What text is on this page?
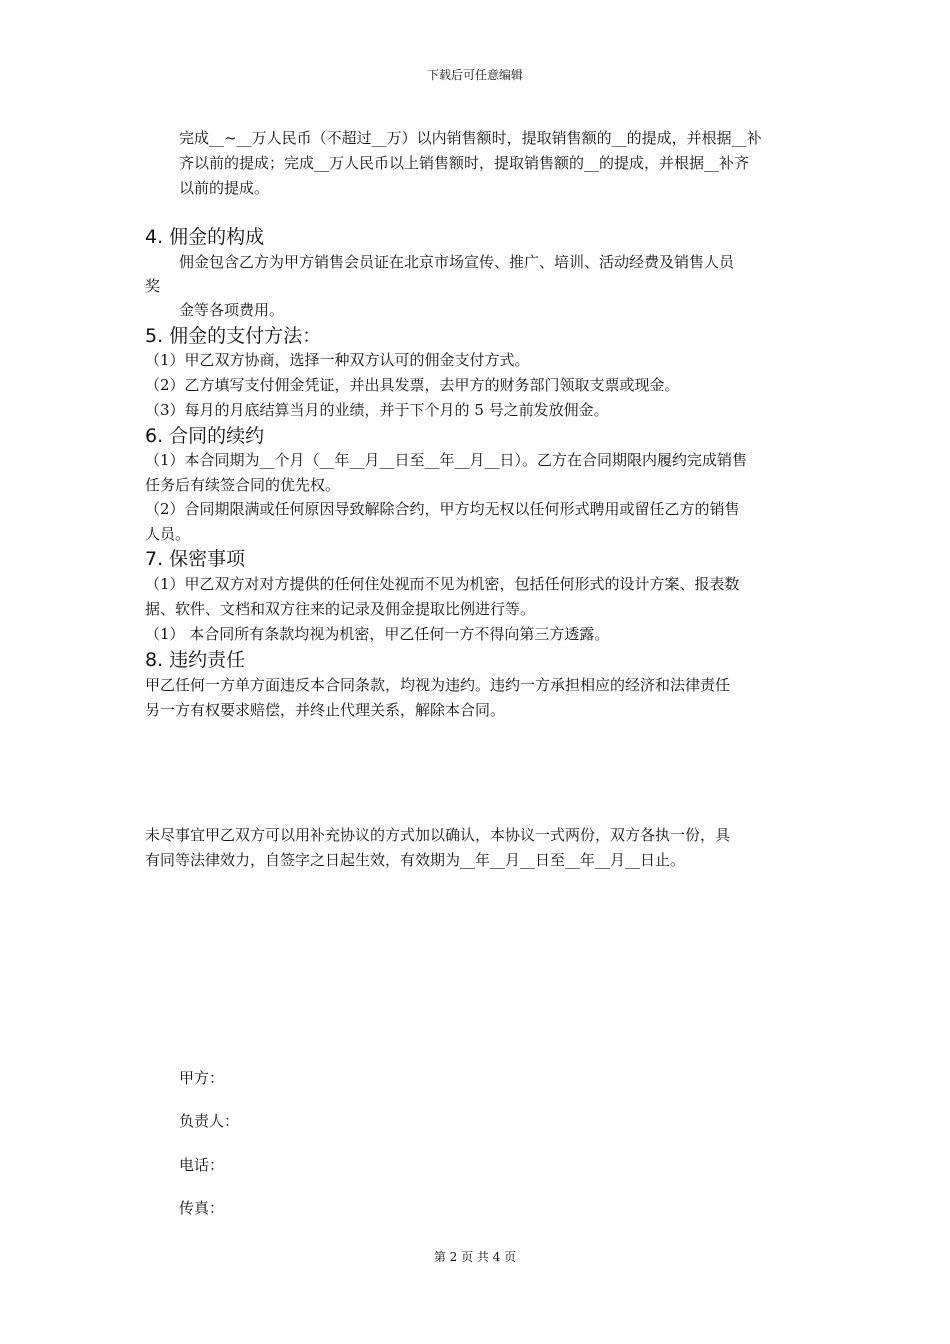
下载后可任意编辑
完成__~__万人民币（不超过__万）以内销售额时，提取销售额的__的提成，并根据__补
齐以前的提成；完成__万人民币以上销售额时，提取销售额的__的提成，并根据__补齐
以前的提成。
4. 佣金的构成
佣金包含乙方为甲方销售会员证在北京市场宣传、推广、培训、活动经费及销售人员
奖
金等各项费用。
5. 佣金的支付方法：
（1）甲乙双方协商，选择一种双方认可的佣金支付方式。
（2）乙方填写支付佣金凭证，并出具发票，去甲方的财务部门领取支票或现金。
（3）每月的月底结算当月的业绩，并于下个月的 5 号之前发放佣金。
6. 合同的续约
（1）本合同期为__个月（__年__月__日至__年__月__日）。乙方在合同期限内履约完成销售
任务后有续签合同的优先权。
（2）合同期限满或任何原因导致解除合约，甲方均无权以任何形式聘用或留任乙方的销售
人员。
7. 保密事项
（1）甲乙双方对对方提供的任何住处视而不见为机密，包括任何形式的设计方案、报表数
据、软件、文档和双方往来的记录及佣金提取比例进行等。
（1） 本合同所有条款均视为机密，甲乙任何一方不得向第三方透露。
8. 违约责任
甲乙任何一方单方面违反本合同条款，均视为违约。违约一方承担相应的经济和法律责任
另一方有权要求赔偿，并终止代理关系，解除本合同。
未尽事宜甲乙双方可以用补充协议的方式加以确认，本协议一式两份，双方各执一份，具
有同等法律效力，自签字之日起生效，有效期为__年__月__日至__年__月__日止。
甲方：
负责人：
电话：
传真：
第 2 页 共 4 页
